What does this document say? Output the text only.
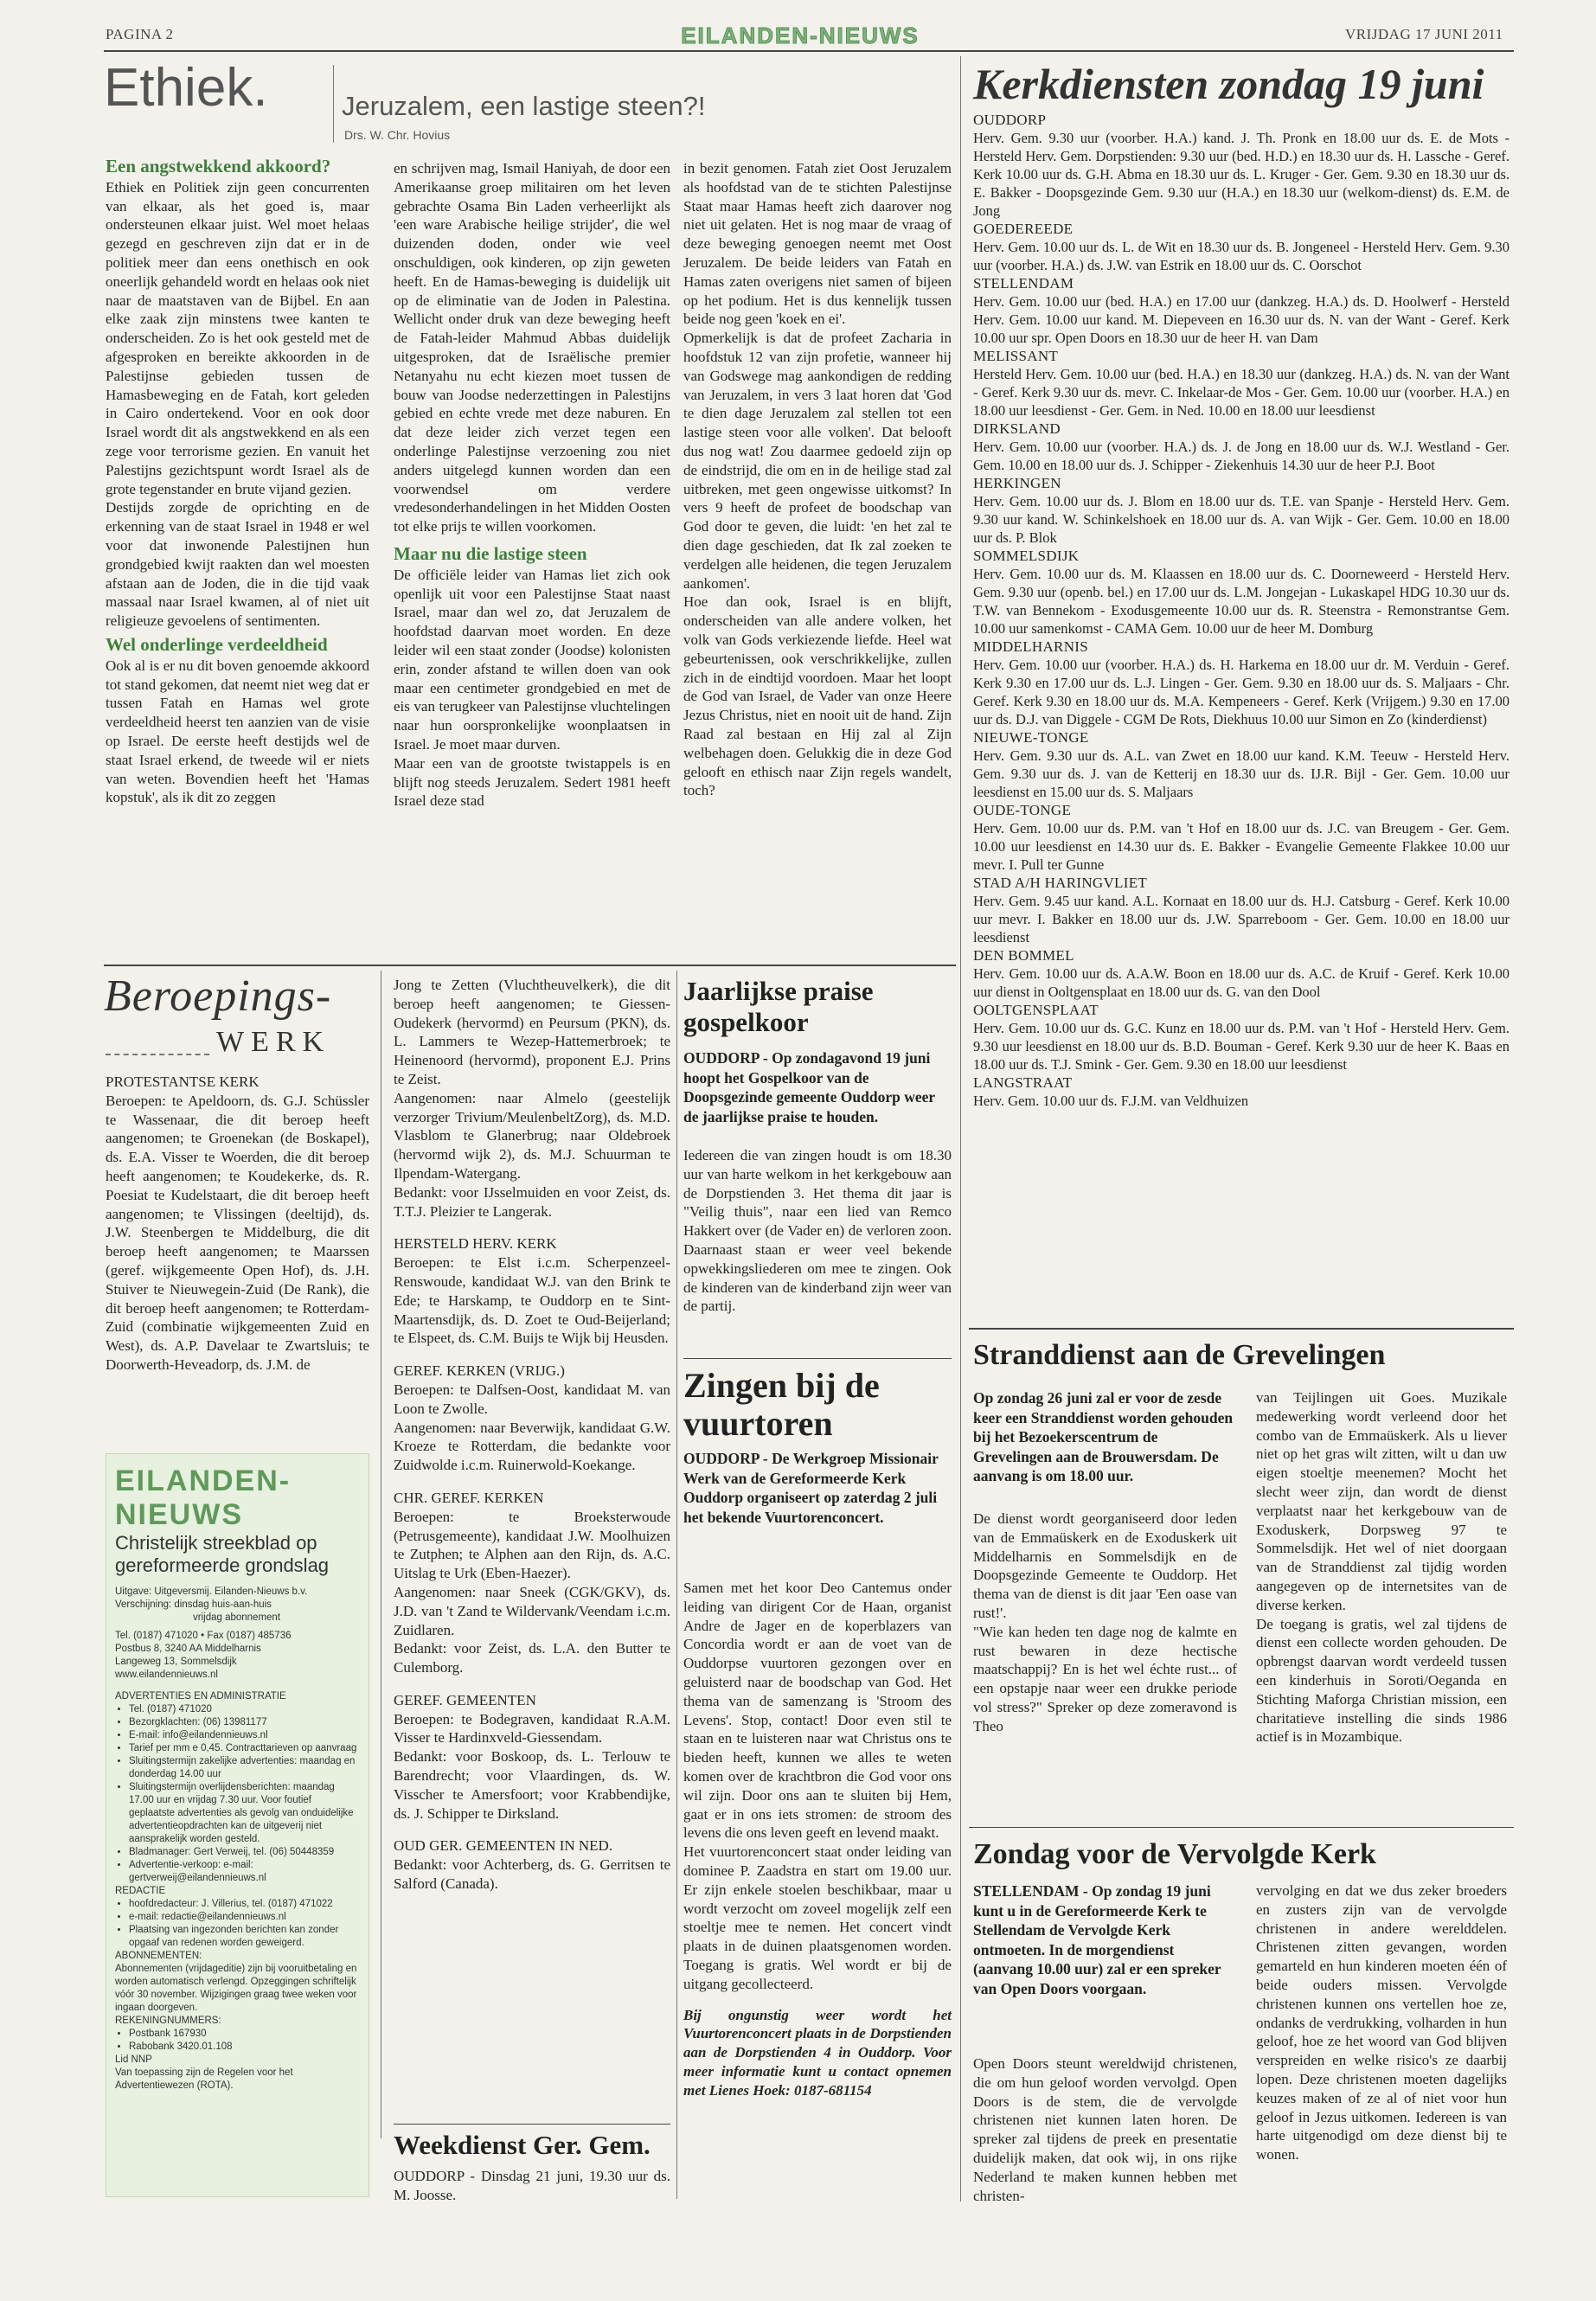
PAGINA 2	EILANDEN-NIEUWS	VRIJDAG 17 JUNI 2011
Ethiek.	Jeruzalem, een lastige steen?!
Drs. W. Chr. Hovius
Een angstwekkend akkoord?

Ethiek en Politiek zijn geen concurrenten van elkaar, als het goed is, maar ondersteunen elkaar juist. Wel moet helaas gezegd en geschreven zijn dat er in de politiek meer dan eens onethisch en ook oneerlijk gehandeld wordt en helaas ook niet naar de maatstaven van de Bijbel. En aan elke zaak zijn minstens twee kanten te onderscheiden. Zo is het ook gesteld met de afgesproken en bereikte akkoorden in de Palestijnse gebieden tussen de Hamasbeweging en de Fatah, kort geleden in Cairo ondertekend. Voor en ook door Israel wordt dit als angstwekkend en als een zege voor terrorisme gezien. En vanuit het Palestijns gezichtspunt wordt Israel als de grote tegenstander en brute vijand gezien.

Destijds zorgde de oprichting en de erkenning van de staat Israel in 1948 er wel voor dat inwonende Palestijnen hun grondgebied kwijt raakten dan wel moesten afstaan aan de Joden, die in die tijd vaak massaal naar Israel kwamen, al of niet uit religieuze gevoelens of sentimenten.

Wel onderlinge verdeeldheid

Ook al is er nu dit boven genoemde akkoord tot stand gekomen, dat neemt niet weg dat er tussen Fatah en Hamas wel grote verdeeldheid heerst ten aanzien van de visie op Israel. De eerste heeft destijds wel de staat Israel erkend, de tweede wil er niets van weten. Bovendien heeft het 'Hamas kopstuk', als ik dit zo zeggen

en schrijven mag, Ismail Haniyah, de door een Amerikaanse groep militairen om het leven gebrachte Osama Bin Laden verheerlijkt als 'een ware Arabische heilige strijder', die wel duizenden doden, onder wie veel onschuldigen, ook kinderen, op zijn geweten heeft. En de Hamas-beweging is duidelijk uit op de eliminatie van de Joden in Palestina. Wellicht onder druk van deze beweging heeft de Fatah-leider Mahmud Abbas duidelijk uitgesproken, dat de Israëlische premier Netanyahu nu echt kiezen moet tussen de bouw van Joodse nederzettingen in Palestijns gebied en echte vrede met deze naburen. En dat deze leider zich verzet tegen een onderlinge Palestijnse verzoening zou niet anders uitgelegd kunnen worden dan een voorwendsel om verdere vredesonderhandelingen in het Midden Oosten tot elke prijs te willen voorkomen.

Maar nu die lastige steen

De officiële leider van Hamas liet zich ook openlijk uit voor een Palestijnse Staat naast Israel, maar dan wel zo, dat Jeruzalem de hoofdstad daarvan moet worden. En deze leider wil een staat zonder (Joodse) kolonisten erin, zonder afstand te willen doen van ook maar een centimeter grondgebied en met de eis van terugkeer van Palestijnse vluchtelingen naar hun oorspronkelijke woonplaatsen in Israel. Je moet maar durven.

Maar een van de grootste twistappels is en blijft nog steeds Jeruzalem. Sedert 1981 heeft Israel deze stad

in bezit genomen. Fatah ziet Oost Jeruzalem als hoofdstad van de te stichten Palestijnse Staat maar Hamas heeft zich daarover nog niet uit gelaten. Het is nog maar de vraag of deze beweging genoegen neemt met Oost Jeruzalem. De beide leiders van Fatah en Hamas zaten overigens niet samen of bijeen op het podium. Het is dus kennelijk tussen beide nog geen 'koek en ei'.

Opmerkelijk is dat de profeet Zacharia in hoofdstuk 12 van zijn profetie, wanneer hij van Godswege mag aankondigen de redding van Jeruzalem, in vers 3 laat horen dat 'God te dien dage Jeruzalem zal stellen tot een lastige steen voor alle volken'. Dat belooft dus nog wat! Zou daarmee gedoeld zijn op de eindstrijd, die om en in de heilige stad zal uitbreken, met geen ongewisse uitkomst? In vers 9 heeft de profeet de boodschap van God door te geven, die luidt: 'en het zal te dien dage geschieden, dat Ik zal zoeken te verdelgen alle heidenen, die tegen Jeruzalem aankomen'.

Hoe dan ook, Israel is en blijft, onderscheiden van alle andere volken, het volk van Gods verkiezende liefde. Heel wat gebeurtenissen, ook verschrikkelijke, zullen zich in de eindtijd voordoen. Maar het loopt de God van Israel, de Vader van onze Heere Jezus Christus, niet en nooit uit de hand. Zijn Raad zal bestaan en Hij zal al Zijn welbehagen doen. Gelukkig die in deze God gelooft en ethisch naar Zijn regels wandelt, toch?

Beroepings-
WERK
PROTESTANTSE KERK

Beroepen: te Apeldoorn, ds. G.J. Schüssler te Wassenaar, die dit beroep heeft aangenomen; te Groenekan (de Boskapel), ds. E.A. Visser te Woerden, die dit beroep heeft aangenomen; te Koudekerke, ds. R. Poesiat te Kudelstaart, die dit beroep heeft aangenomen; te Vlissingen (deeltijd), ds. J.W. Steenbergen te Middelburg, die dit beroep heeft aangenomen; te Maarssen (geref. wijkgemeente Open Hof), ds. J.H. Stuiver te Nieuwegein-Zuid (De Rank), die dit beroep heeft aangenomen; te Rotterdam-Zuid (combinatie wijkgemeenten Zuid en West), ds. A.P. Davelaar te Zwartsluis; te Doorwerth-Heveadorp, ds. J.M. de

Jong te Zetten (Vluchtheuvelkerk), die dit beroep heeft aangenomen; te Giessen-Oudekerk (hervormd) en Peursum (PKN), ds. L. Lammers te Wezep-Hattemerbroek; te Heinenoord (hervormd), proponent E.J. Prins te Zeist.

Aangenomen: naar Almelo (geestelijk verzorger Trivium/MeulenbeltZorg), ds. M.D. Vlasblom te Glanerbrug; naar Oldebroek (hervormd wijk 2), ds. M.J. Schuurman te Ilpendam-Watergang.

Bedankt: voor IJsselmuiden en voor Zeist, ds. T.T.J. Pleizier te Langerak.

HERSTELD HERV. KERK

Beroepen: te Elst i.c.m. Scherpenzeel-Renswoude, kandidaat W.J. van den Brink te Ede; te Harskamp, te Ouddorp en te Sint-Maartensdijk, ds. D. Zoet te Oud-Beijerland; te Elspeet, ds. C.M. Buijs te Wijk bij Heusden.

GEREF. KERKEN (VRIJG.)

Beroepen: te Dalfsen-Oost, kandidaat M. van Loon te Zwolle.

Aangenomen: naar Beverwijk, kandidaat G.W. Kroeze te Rotterdam, die bedankte voor Zuidwolde i.c.m. Ruinerwold-Koekange.

CHR. GEREF. KERKEN

Beroepen: te Broeksterwoude (Petrusgemeente), kandidaat J.W. Moolhuizen te Zutphen; te Alphen aan den Rijn, ds. A.C. Uitslag te Urk (Eben-Haezer).

Aangenomen: naar Sneek (CGK/GKV), ds. J.D. van 't Zand te Wildervank/Veendam i.c.m. Zuidlaren.

Bedankt: voor Zeist, ds. L.A. den Butter te Culemborg.

GEREF. GEMEENTEN

Beroepen: te Bodegraven, kandidaat R.A.M. Visser te Hardinxveld-Giessendam.

Bedankt: voor Boskoop, ds. L. Terlouw te Barendrecht; voor Vlaardingen, ds. W. Visscher te Amersfoort; voor Krabbendijke, ds. J. Schipper te Dirksland.

OUD GER. GEMEENTEN IN NED.

Bedankt: voor Achterberg, ds. G. Gerritsen te Salford (Canada).

Weekdienst Ger. Gem.
OUDDORP - Dinsdag 21 juni, 19.30 uur ds. M. Joosse.
Jaarlijkse praise gospelkoor
OUDDORP - Op zondagavond 19 juni hoopt het Gospelkoor van de Doopsgezinde gemeente Ouddorp weer de jaarlijkse praise te houden.
Iedereen die van zingen houdt is om 18.30 uur van harte welkom in het kerkgebouw aan de Dorpstienden 3. Het thema dit jaar is "Veilig thuis", naar een lied van Remco Hakkert over (de Vader en) de verloren zoon. Daarnaast staan er weer veel bekende opwekkingsliederen om mee te zingen. Ook de kinderen van de kinderband zijn weer van de partij.
Zingen bij de vuurtoren
OUDDORP - De Werkgroep Missionair Werk van de Gereformeerde Kerk Ouddorp organiseert op zaterdag 2 juli het bekende Vuurtorenconcert.

Samen met het koor Deo Cantemus onder leiding van dirigent Cor de Haan, organist Andre de Jager en de koperblazers van Concordia wordt er aan de voet van de Ouddorpse vuurtoren gezongen over en geluisterd naar de boodschap van God. Het thema van de samenzang is 'Stroom des Levens'. Stop, contact! Door even stil te staan en te luisteren naar wat Christus ons te bieden heeft, kunnen we alles te weten komen over de krachtbron die God voor ons wil zijn. Door ons aan te sluiten bij Hem, gaat er in ons iets stromen: de stroom des levens die ons leven geeft en levend maakt.

Het vuurtorenconcert staat onder leiding van dominee P. Zaadstra en start om 19.00 uur. Er zijn enkele stoelen beschikbaar, maar u wordt verzocht om zoveel mogelijk zelf een stoeltje mee te nemen. Het concert vindt plaats in de duinen plaatsgenomen worden. Toegang is gratis. Wel wordt er bij de uitgang gecollecteerd.

Bij ongunstig weer wordt het Vuurtorenconcert plaats in de Dorpstienden aan de Dorpstienden 4 in Ouddorp. Voor meer informatie kunt u contact opnemen met Lienes Hoek: 0187-681154

EILANDEN-NIEUWS
Christelijk streekblad op gereformeerde grondslag
Uitgave: Uitgeversmij. Eilanden-Nieuws b.v.
Verschijning: dinsdag huis-aan-huis
vrijdag abonnement
Tel. (0187) 471020 • Fax (0187) 485736
Postbus 8, 3240 AA Middelharnis
Langeweg 13, Sommelsdijk
www.eilandennieuws.nl
ADVERTENTIES EN ADMINISTRATIE
• Tel. (0187) 471020
• Bezorgklachten: (06) 13981177
• E-mail: info@eilandennieuws.nl
• Tarief per mm e 0,45. Contracttarieven op aanvraag
• Sluitingstermijn zakelijke advertenties: maandag en donderdag 14.00 uur
• Sluitingstermijn overlijdensberichten: maandag 17.00 uur en vrijdag 7.30 uur. Voor foutief geplaatste advertenties als gevolg van onduidelijke advertentieopdrachten kan de uitgeverij niet aansprakelijk worden gesteld.
• Bladmanager: Gert Verweij, tel. (06) 50448359
• Advertentie-verkoop: e-mail: gertverweij@eilandennieuws.nl
REDACTIE
• hoofdredacteur: J. Villerius, tel. (0187) 471022
• e-mail: redactie@eilandennieuws.nl
• Plaatsing van ingezonden berichten kan zonder opgaaf van redenen worden geweigerd.
ABONNEMENTEN:
Abonnementen (vrijdageditie) zijn bij vooruitbetaling en worden automatisch verlengd. Opzeggingen schriftelijk vóór 30 november. Wijzigingen graag twee weken voor ingaan doorgeven.
REKENINGNUMMERS:
• Postbank 167930
• Rabobank 3420.01.108
Lid NNP
Van toepassing zijn de Regelen voor het Advertentiewezen (ROTA).
Kerkdiensten zondag 19 juni
OUDDORP
Herv. Gem. 9.30 uur (voorber. H.A.) kand. J. Th. Pronk en 18.00 uur ds. E. de Mots - Hersteld Herv. Gem. Dorpstienden: 9.30 uur (bed. H.D.) en 18.30 uur ds. H. Lassche - Geref. Kerk 10.00 uur ds. G.H. Abma en 18.30 uur ds. L. Kruger - Ger. Gem. 9.30 en 18.30 uur ds. E. Bakker - Doopsgezinde Gem. 9.30 uur (H.A.) en 18.30 uur (welkom-dienst) ds. E.M. de Jong
GOEDEREEDE
Herv. Gem. 10.00 uur ds. L. de Wit en 18.30 uur ds. B. Jongeneel - Hersteld Herv. Gem. 9.30 uur (voorber. H.A.) ds. J.W. van Estrik en 18.00 uur ds. C. Oorschot
STELLENDAM
Herv. Gem. 10.00 uur (bed. H.A.) en 17.00 uur (dankzeg. H.A.) ds. D. Hoolwerf - Hersteld Herv. Gem. 10.00 uur kand. M. Diepeveen en 16.30 uur ds. N. van der Want - Geref. Kerk 10.00 uur spr. Open Doors en 18.30 uur de heer H. van Dam
MELISSANT
Hersteld Herv. Gem. 10.00 uur (bed. H.A.) en 18.30 uur (dankzeg. H.A.) ds. N. van der Want - Geref. Kerk 9.30 uur ds. mevr. C. Inkelaar-de Mos - Ger. Gem. 10.00 uur (voorber. H.A.) en 18.00 uur leesdienst - Ger. Gem. in Ned. 10.00 en 18.00 uur leesdienst
DIRKSLAND
Herv. Gem. 10.00 uur (voorber. H.A.) ds. J. de Jong en 18.00 uur ds. W.J. Westland - Ger. Gem. 10.00 en 18.00 uur ds. J. Schipper - Ziekenhuis 14.30 uur de heer P.J. Boot
HERKINGEN
Herv. Gem. 10.00 uur ds. J. Blom en 18.00 uur ds. T.E. van Spanje - Hersteld Herv. Gem. 9.30 uur kand. W. Schinkelshoek en 18.00 uur ds. A. van Wijk - Ger. Gem. 10.00 en 18.00 uur ds. P. Blok
SOMMELSDIJK
Herv. Gem. 10.00 uur ds. M. Klaassen en 18.00 uur ds. C. Doorneweerd - Hersteld Herv. Gem. 9.30 uur (openb. bel.) en 17.00 uur ds. L.M. Jongejan - Lukaskapel HDG 10.30 uur ds. T.W. van Bennekom - Exodusgemeente 10.00 uur ds. R. Steenstra - Remonstrantse Gem. 10.00 uur samenkomst - CAMA Gem. 10.00 uur de heer M. Domburg
MIDDELHARNIS
Herv. Gem. 10.00 uur (voorber. H.A.) ds. H. Harkema en 18.00 uur dr. M. Verduin - Geref. Kerk 9.30 en 17.00 uur ds. L.J. Lingen - Ger. Gem. 9.30 en 18.00 uur ds. S. Maljaars - Chr. Geref. Kerk 9.30 en 18.00 uur ds. M.A. Kempeneers - Geref. Kerk (Vrijgem.) 9.30 en 17.00 uur ds. D.J. van Diggele - CGM De Rots, Diekhuus 10.00 uur Simon en Zo (kinderdienst)
NIEUWE-TONGE
Herv. Gem. 9.30 uur ds. A.L. van Zwet en 18.00 uur kand. K.M. Teeuw - Hersteld Herv. Gem. 9.30 uur ds. J. van de Ketterij en 18.30 uur ds. IJ.R. Bijl - Ger. Gem. 10.00 uur leesdienst en 15.00 uur ds. S. Maljaars
OUDE-TONGE
Herv. Gem. 10.00 uur ds. P.M. van 't Hof en 18.00 uur ds. J.C. van Breugem - Ger. Gem. 10.00 uur leesdienst en 14.30 uur ds. E. Bakker - Evangelie Gemeente Flakkee 10.00 uur mevr. I. Pull ter Gunne
STAD A/H HARINGVLIET
Herv. Gem. 9.45 uur kand. A.L. Kornaat en 18.00 uur ds. H.J. Catsburg - Geref. Kerk 10.00 uur mevr. I. Bakker en 18.00 uur ds. J.W. Sparreboom - Ger. Gem. 10.00 en 18.00 uur leesdienst
DEN BOMMEL
Herv. Gem. 10.00 uur ds. A.A.W. Boon en 18.00 uur ds. A.C. de Kruif - Geref. Kerk 10.00 uur dienst in Ooltgensplaat en 18.00 uur ds. G. van den Dool
OOLTGENSPLAAT
Herv. Gem. 10.00 uur ds. G.C. Kunz en 18.00 uur ds. P.M. van 't Hof - Hersteld Herv. Gem. 9.30 uur leesdienst en 18.00 uur ds. B.D. Bouman - Geref. Kerk 9.30 uur de heer K. Baas en 18.00 uur ds. T.J. Smink - Ger. Gem. 9.30 en 18.00 uur leesdienst
LANGSTRAAT
Herv. Gem. 10.00 uur ds. F.J.M. van Veldhuizen
Stranddienst aan de Grevelingen
Op zondag 26 juni zal er voor de zesde keer een Stranddienst worden gehouden bij het Bezoekerscentrum de Grevelingen aan de Brouwersdam. De aanvang is om 18.00 uur.

De dienst wordt georganiseerd door leden van de Emmaüskerk en de Exoduskerk uit Middelharnis en Sommelsdijk en de Doopsgezinde Gemeente te Ouddorp. Het thema van de dienst is dit jaar 'Een oase van rust!'.

"Wie kan heden ten dage nog de kalmte en rust bewaren in deze hectische maatschappij? En is het wel échte rust... of een opstapje naar weer een drukke periode vol stress?" Spreker op deze zomeravond is Theo

van Teijlingen uit Goes. Muzikale medewerking wordt verleend door het combo van de Emmaüskerk. Als u liever niet op het gras wilt zitten, wilt u dan uw eigen stoeltje meenemen? Mocht het slecht weer zijn, dan wordt de dienst verplaatst naar het kerkgebouw van de Exoduskerk, Dorpsweg 97 te Sommelsdijk. Het wel of niet doorgaan van de Stranddienst zal tijdig worden aangegeven op de internetsites van de diverse kerken.

De toegang is gratis, wel zal tijdens de dienst een collecte worden gehouden. De opbrengst daarvan wordt verdeeld tussen een kinderhuis in Soroti/Oeganda en Stichting Maforga Christian mission, een charitatieve instelling die sinds 1986 actief is in Mozambique.

Zondag voor de Vervolgde Kerk
STELLENDAM - Op zondag 19 juni kunt u in de Gereformeerde Kerk te Stellendam de Vervolgde Kerk ontmoeten. In de morgendienst (aanvang 10.00 uur) zal er een spreker van Open Doors voorgaan.
Open Doors steunt wereldwijd christenen, die om hun geloof worden vervolgd. Open Doors is de stem, die de vervolgde christenen niet kunnen laten horen. De spreker zal tijdens de preek en presentatie duidelijk maken, dat ook wij, in ons rijke Nederland te maken kunnen hebben met christen-
vervolging en dat we dus zeker broeders en zusters zijn van de vervolgde christenen in andere werelddelen. Christenen zitten gevangen, worden gemarteld en hun kinderen moeten één of beide ouders missen. Vervolgde christenen kunnen ons vertellen hoe ze, ondanks de verdrukking, volharden in hun geloof, hoe ze het woord van God blijven verspreiden en welke risico's ze daarbij lopen. Deze christenen moeten dagelijks keuzes maken of ze al of niet voor hun geloof in Jezus uitkomen. Iedereen is van harte uitgenodigd om deze dienst bij te wonen.
